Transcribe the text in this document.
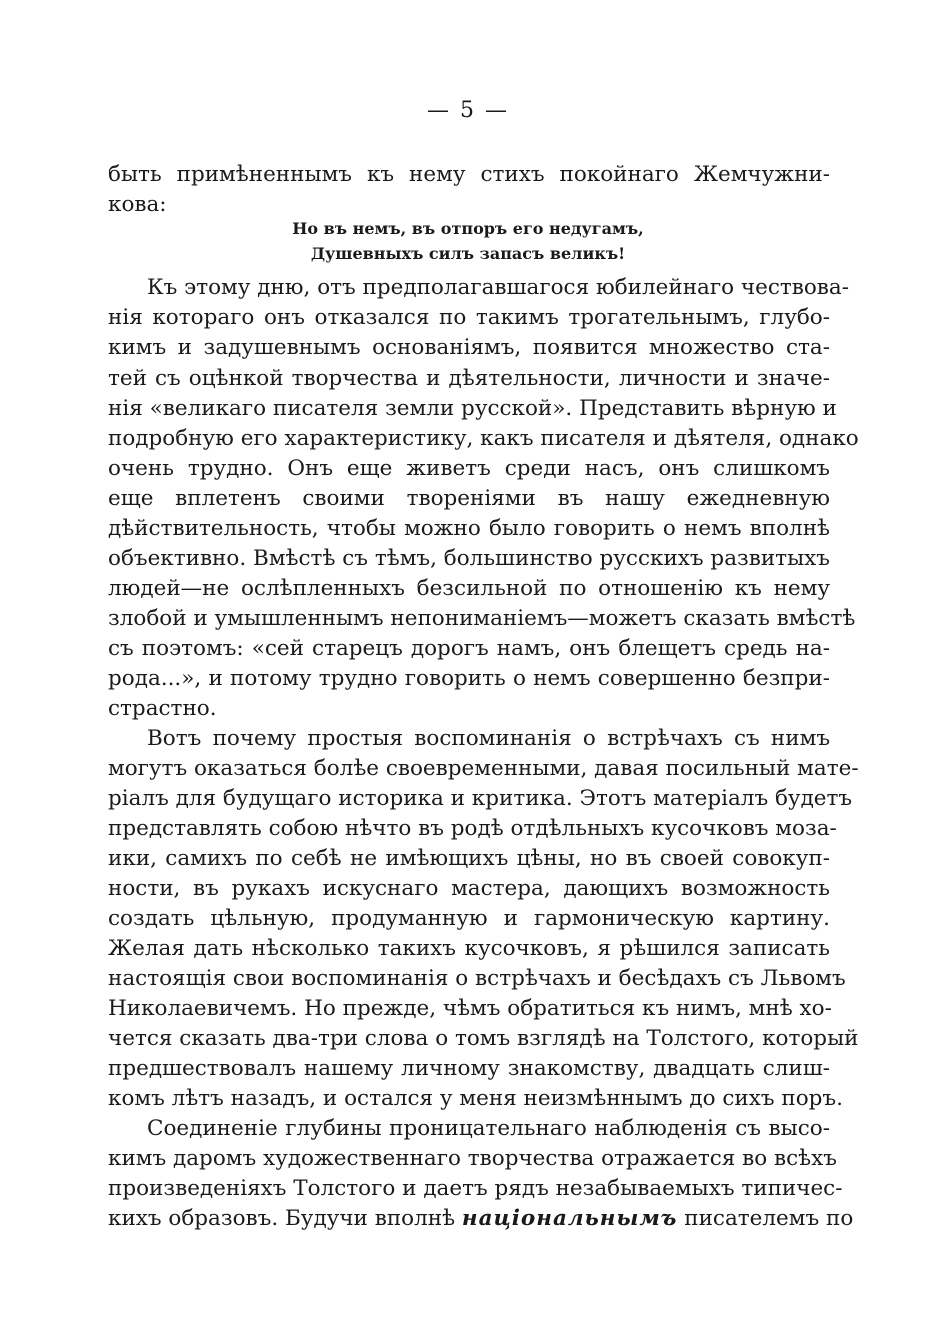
— 5 —
быть примѣненнымъ къ нему стихъ покойнаго Жемчужни-
кова:
Но въ немъ, въ отпоръ его недугамъ,
Душевныхъ силъ запасъ великъ!
Къ этому дню, отъ предполагавшагося юбилейнаго чествова-
нія котораго онъ отказался по такимъ трогательнымъ, глубо-
кимъ и задушевнымъ основаніямъ, появится множество ста-
тей съ оцѣнкой творчества и дѣятельности, личности и значе-
нія «великаго писателя земли русской». Представить вѣрную и
подробную его характеристику, какъ писателя и дѣятеля, однако
очень трудно. Онъ еще живетъ среди насъ, онъ слишкомъ
еще вплетенъ своими твореніями въ нашу ежедневную
дѣйствительность, чтобы можно было говорить о немъ вполнѣ
объективно. Вмѣстѣ съ тѣмъ, большинство русскихъ развитыхъ
людей—не ослѣпленныхъ безсильной по отношенію къ нему
злобой и умышленнымъ непониманіемъ—можетъ сказать вмѣстѣ
съ поэтомъ: «сей старецъ дорогъ намъ, онъ блещетъ средь на-
рода...», и потому трудно говорить о немъ совершенно безпри-
страстно.
Вотъ почему простыя воспоминанія о встрѣчахъ съ нимъ
могутъ оказаться болѣе своевременными, давая посильный мате-
ріалъ для будущаго историка и критика. Этотъ матеріалъ будетъ
представлять собою нѣчто въ родѣ отдѣльныхъ кусочковъ моза-
ики, самихъ по себѣ не имѣющихъ цѣны, но въ своей совокуп-
ности, въ рукахъ искуснаго мастера, дающихъ возможность
создать цѣльную, продуманную и гармоническую картину.
Желая дать нѣсколько такихъ кусочковъ, я рѣшился записать
настоящія свои воспоминанія о встрѣчахъ и бесѣдахъ съ Львомъ
Николаевичемъ. Но прежде, чѣмъ обратиться къ нимъ, мнѣ хо-
чется сказать два-три слова о томъ взглядѣ на Толстого, который
предшествовалъ нашему личному знакомству, двадцать слиш-
комъ лѣтъ назадъ, и остался у меня неизмѣннымъ до сихъ поръ.
Соединеніе глубины проницательнаго наблюденія съ высо-
кимъ даромъ художественнаго творчества отражается во всѣхъ
произведеніяхъ Толстого и даетъ рядъ незабываемыхъ типичес-
кихъ образовъ. Будучи вполнѣ національнымъ писателемъ по
